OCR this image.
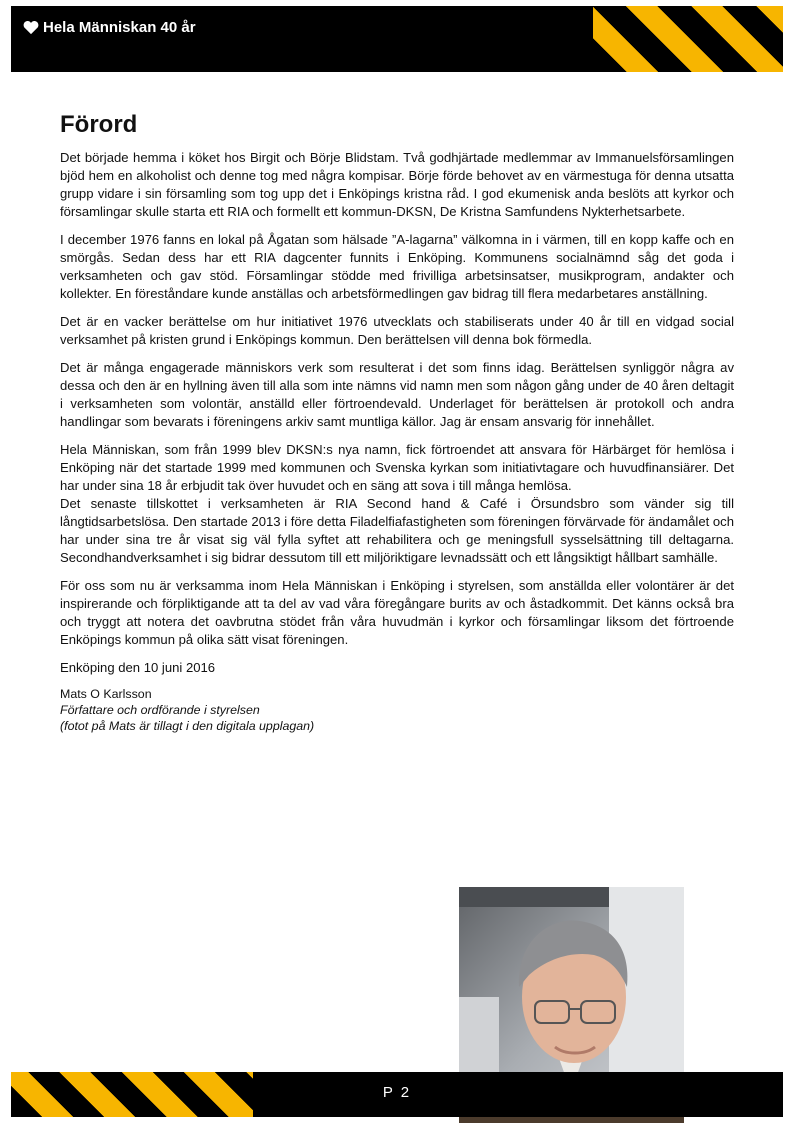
Hela Människan 40 år
Förord

Det började hemma i köket hos Birgit och Börje Blidstam. Två godhjärtade medlemmar av Immanuelsförsamlingen bjöd hem en alkoholist och denne tog med några kompisar. Börje förde behovet av en värmestuga för denna utsatta grupp vidare i sin församling som tog upp det i Enköpings kristna råd. I god ekumenisk anda beslöts att kyrkor och församlingar skulle starta ett RIA och formellt ett kommun-DKSN, De Kristna Samfundens Nykterhetsarbete.

I december 1976 fanns en lokal på Ågatan som hälsade ”A-lagarna” välkomna in i värmen, till en kopp kaffe och en smörgås. Sedan dess har ett RIA dagcenter funnits i Enköping. Kommunens socialnämnd såg det goda i verksamheten och gav stöd. Församlingar stödde med frivilliga arbetsinsatser, musikprogram, andakter och kollekter. En föreståndare kunde anställas och arbetsförmedlingen gav bidrag till flera medarbetares anställning.

Det är en vacker berättelse om hur initiativet 1976 utvecklats och stabiliserats under 40 år till en vidgad social verksamhet på kristen grund i Enköpings kommun. Den berättelsen vill denna bok förmedla.

Det är många engagerade människors verk som resulterat i det som finns idag. Berättelsen synliggör några av dessa och den är en hyllning även till alla som inte nämns vid namn men som någon gång under de 40 åren deltagit i verksamheten som volontär, anställd eller förtroendevald. Underlaget för berättelsen är protokoll och andra handlingar som bevarats i föreningens arkiv samt muntliga källor. Jag är ensam ansvarig för innehållet.

Hela Människan, som från 1999 blev DKSN:s nya namn, fick förtroendet att ansvara för Härbärget för hemlösa i Enköping när det startade 1999 med kommunen och Svenska kyrkan som initiativtagare och huvudfinansiärer. Det har under sina 18 år erbjudit tak över huvudet och en säng att sova i till många hemlösa.

Det senaste tillskottet i verksamheten är RIA Second hand & Café i Örsundsbro som vänder sig till långtidsarbetslösa. Den startade 2013 i före detta Filadelfiafastigheten som föreningen förvärvade för ändamålet och har under sina tre år visat sig väl fylla syftet att rehabilitera och ge meningsfull sysselsättning till deltagarna. Secondhandverksamhet i sig bidrar dessutom till ett miljöriktigare levnadssätt och ett långsiktigt hållbart samhälle.

För oss som nu är verksamma inom Hela Människan i Enköping i styrelsen, som anställda eller volontärer är det inspirerande och förpliktigande att ta del av vad våra föregångare burits av och åstadkommit. Det känns också bra och tryggt att notera det oavbrutna stödet från våra huvudmän i kyrkor och församlingar liksom det förtroende Enköpings kommun på olika sätt visat föreningen.

Enköping den 10 juni 2016

Mats O Karlsson

Författare och ordförande i styrelsen

(fotot på Mats är tillagt i den digitala upplagan)

P 2
